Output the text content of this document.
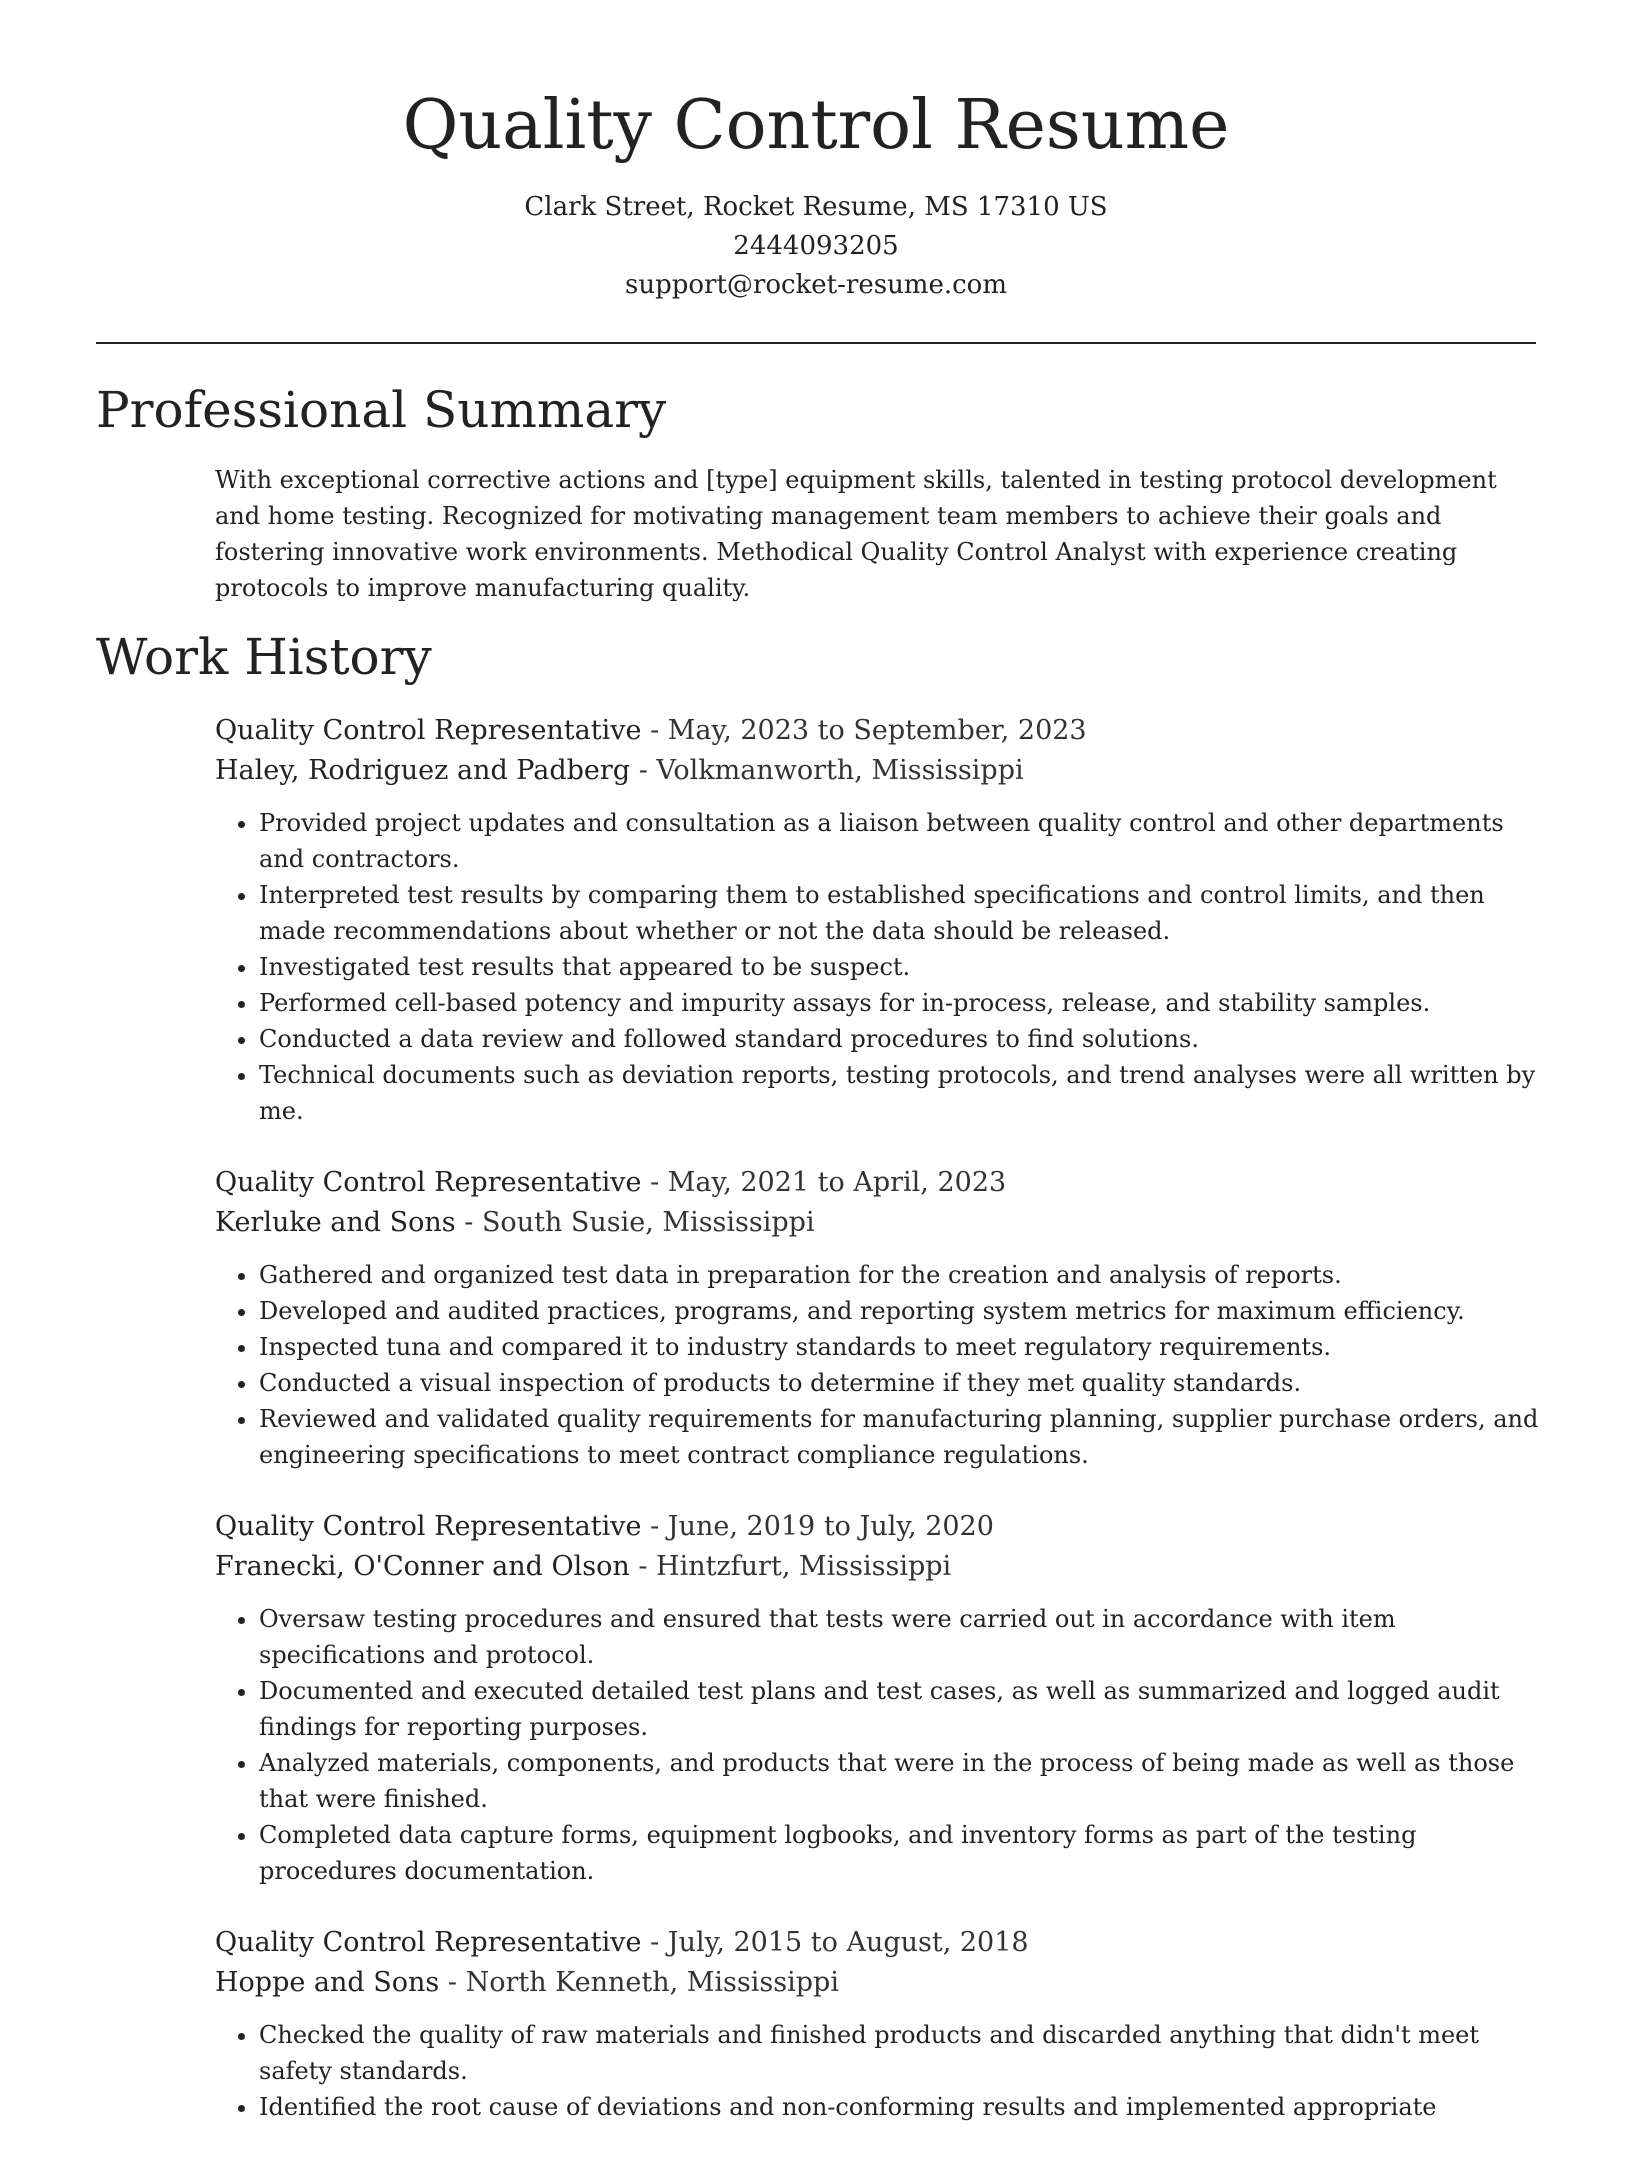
Quality Control Resume
Clark Street, Rocket Resume, MS 17310 US
2444093205
support@rocket-resume.com
Professional Summary
With exceptional corrective actions and [type] equipment skills, talented in testing protocol development and home testing. Recognized for motivating management team members to achieve their goals and fostering innovative work environments. Methodical Quality Control Analyst with experience creating protocols to improve manufacturing quality.
Work History
Quality Control Representative - May, 2023 to September, 2023
Haley, Rodriguez and Padberg - Volkmanworth, Mississippi
• Provided project updates and consultation as a liaison between quality control and other departments and contractors.
• Interpreted test results by comparing them to established specifications and control limits, and then made recommendations about whether or not the data should be released.
• Investigated test results that appeared to be suspect.
• Performed cell-based potency and impurity assays for in-process, release, and stability samples.
• Conducted a data review and followed standard procedures to find solutions.
• Technical documents such as deviation reports, testing protocols, and trend analyses were all written by me.
Quality Control Representative - May, 2021 to April, 2023
Kerluke and Sons - South Susie, Mississippi
• Gathered and organized test data in preparation for the creation and analysis of reports.
• Developed and audited practices, programs, and reporting system metrics for maximum efficiency.
• Inspected tuna and compared it to industry standards to meet regulatory requirements.
• Conducted a visual inspection of products to determine if they met quality standards.
• Reviewed and validated quality requirements for manufacturing planning, supplier purchase orders, and engineering specifications to meet contract compliance regulations.
Quality Control Representative - June, 2019 to July, 2020
Franecki, O'Conner and Olson - Hintzfurt, Mississippi
• Oversaw testing procedures and ensured that tests were carried out in accordance with item specifications and protocol.
• Documented and executed detailed test plans and test cases, as well as summarized and logged audit findings for reporting purposes.
• Analyzed materials, components, and products that were in the process of being made as well as those that were finished.
• Completed data capture forms, equipment logbooks, and inventory forms as part of the testing procedures documentation.
Quality Control Representative - July, 2015 to August, 2018
Hoppe and Sons - North Kenneth, Mississippi
• Checked the quality of raw materials and finished products and discarded anything that didn't meet safety standards.
• Identified the root cause of deviations and non-conforming results and implemented appropriate
